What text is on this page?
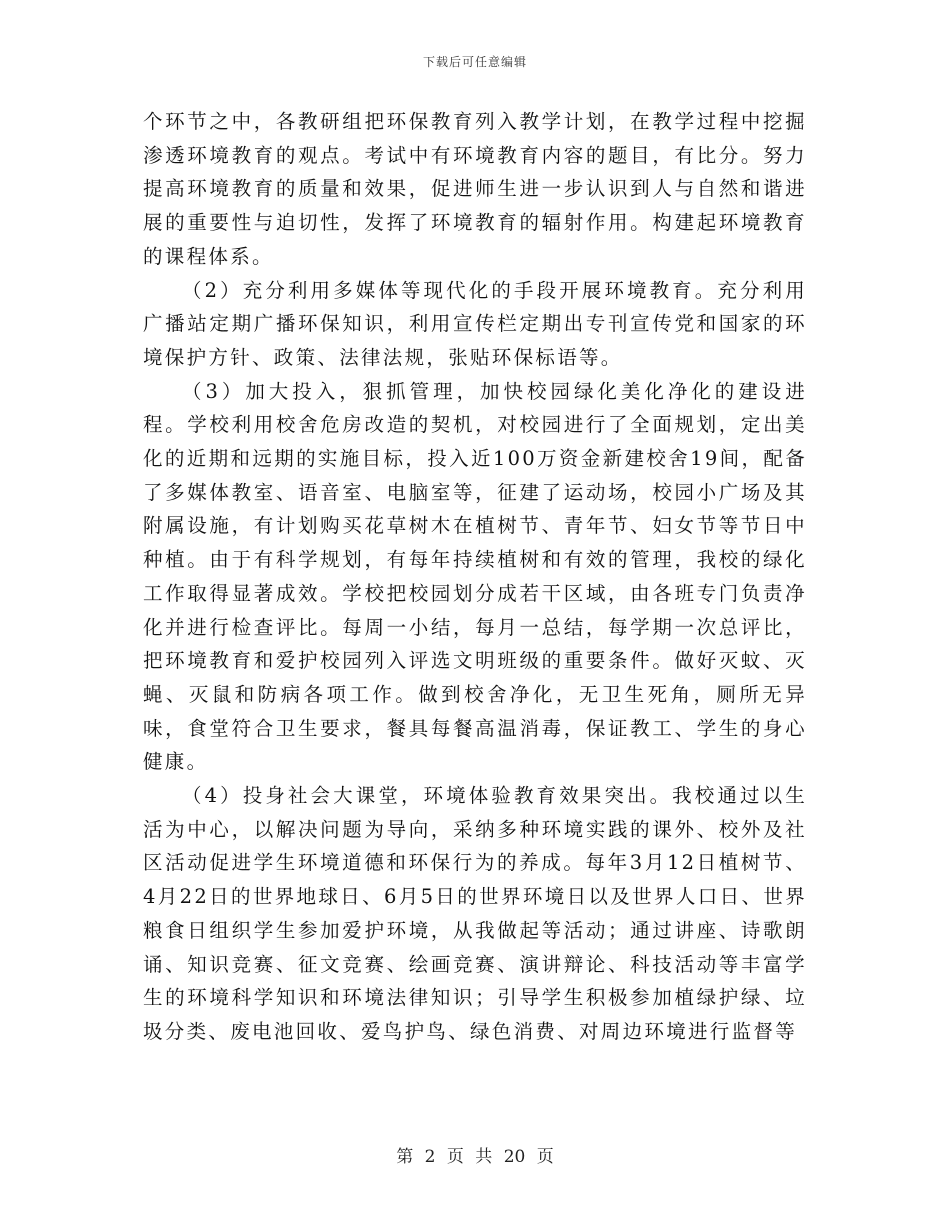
下载后可任意编辑

个环节之中，各教研组把环保教育列入教学计划，在教学过程中挖掘渗透环境教育的观点。考试中有环境教育内容的题目，有比分。努力提高环境教育的质量和效果，促进师生进一步认识到人与自然和谐进展的重要性与迫切性，发挥了环境教育的辐射作用。构建起环境教育的课程体系。

（2）充分利用多媒体等现代化的手段开展环境教育。充分利用广播站定期广播环保知识，利用宣传栏定期出专刊宣传党和国家的环境保护方针、政策、法律法规，张贴环保标语等。

（3）加大投入，狠抓管理，加快校园绿化美化净化的建设进程。学校利用校舍危房改造的契机，对校园进行了全面规划，定出美化的近期和远期的实施目标，投入近100万资金新建校舍19间，配备了多媒体教室、语音室、电脑室等，征建了运动场，校园小广场及其附属设施，有计划购买花草树木在植树节、青年节、妇女节等节日中种植。由于有科学规划，有每年持续植树和有效的管理，我校的绿化工作取得显著成效。学校把校园划分成若干区域，由各班专门负责净化并进行检查评比。每周一小结，每月一总结，每学期一次总评比，把环境教育和爱护校园列入评选文明班级的重要条件。做好灭蚊、灭蝇、灭鼠和防病各项工作。做到校舍净化，无卫生死角，厕所无异味，食堂符合卫生要求，餐具每餐高温消毒，保证教工、学生的身心健康。

（4）投身社会大课堂，环境体验教育效果突出。我校通过以生活为中心，以解决问题为导向，采纳多种环境实践的课外、校外及社区活动促进学生环境道德和环保行为的养成。每年3月12日植树节、4月22日的世界地球日、6月5日的世界环境日以及世界人口日、世界粮食日组织学生参加爱护环境，从我做起等活动；通过讲座、诗歌朗诵、知识竞赛、征文竞赛、绘画竞赛、演讲辩论、科技活动等丰富学生的环境科学知识和环境法律知识；引导学生积极参加植绿护绿、垃圾分类、废电池回收、爱鸟护鸟、绿色消费、对周边环境进行监督等

第 2 页 共 20 页
